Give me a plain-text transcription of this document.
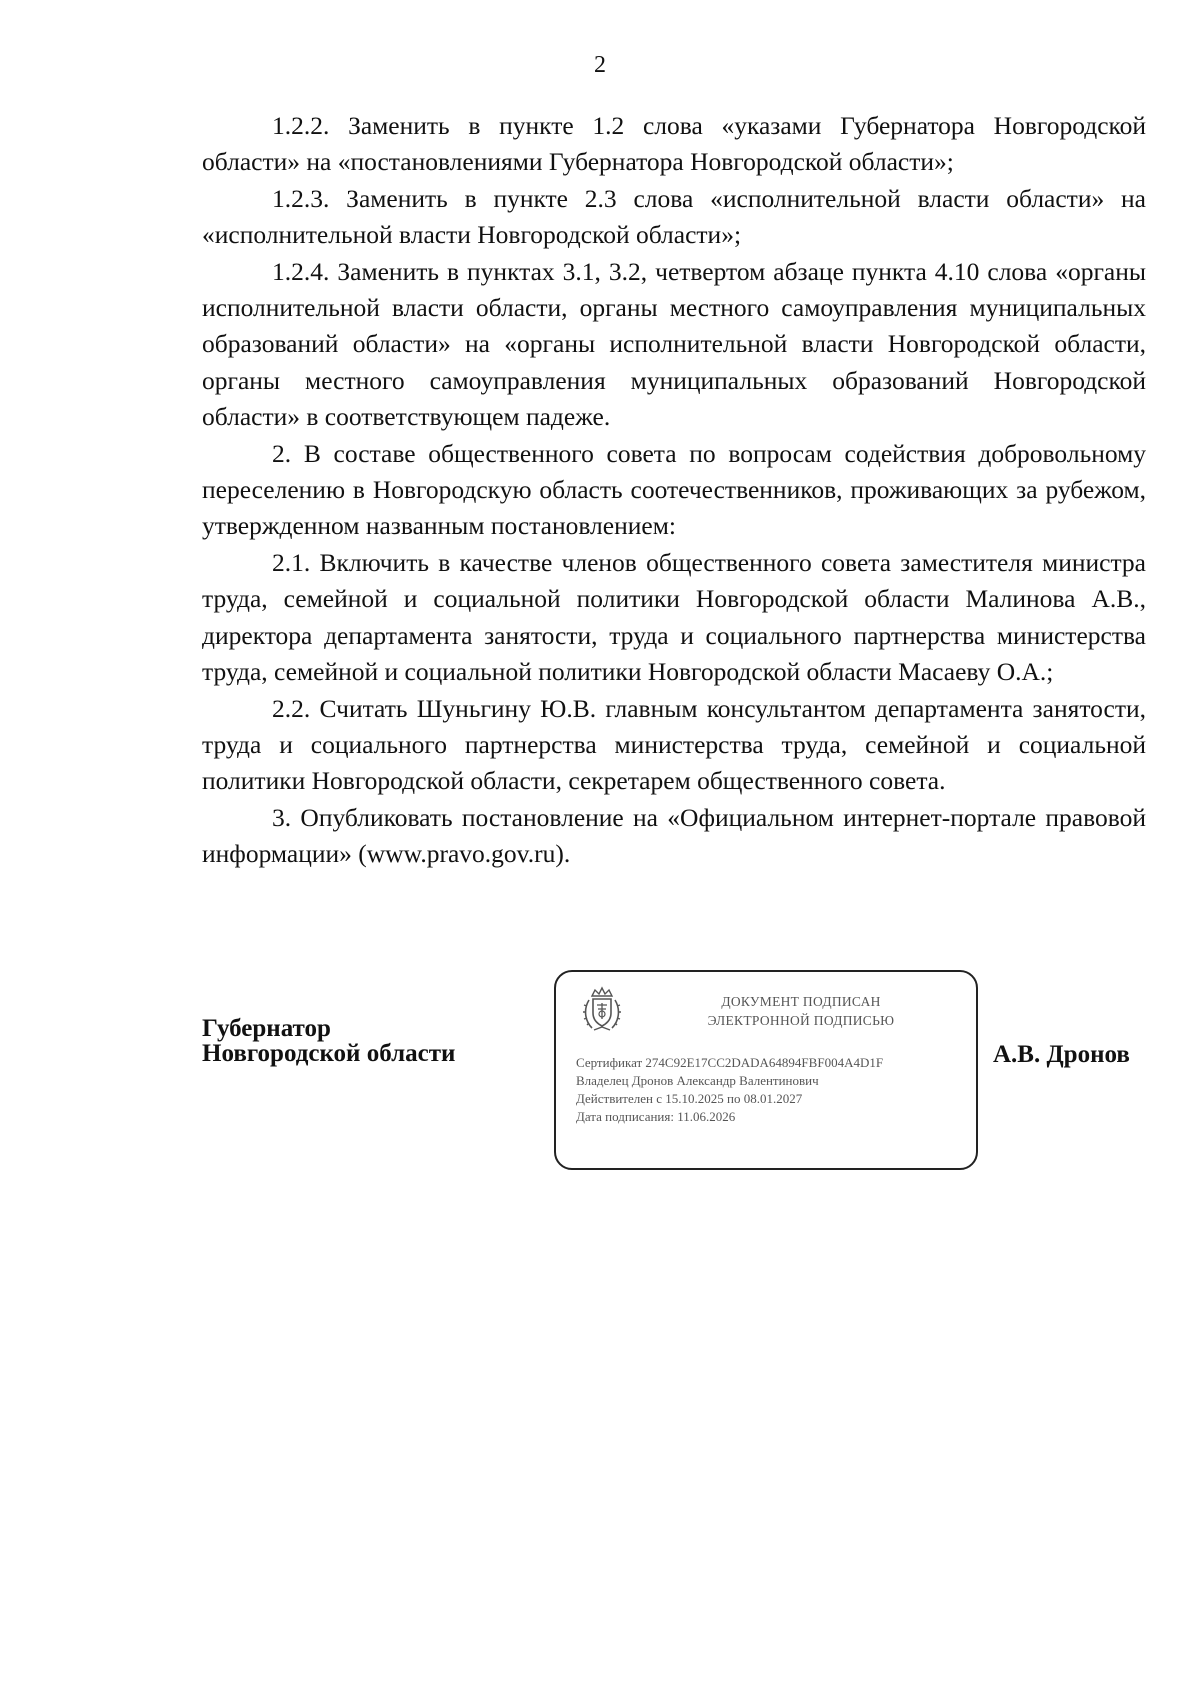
2

1.2.2. Заменить в пункте 1.2 слова «указами Губернатора Новгородской области» на «постановлениями Губернатора Новгородской области»;

1.2.3. Заменить в пункте 2.3 слова «исполнительной власти области» на «исполнительной власти Новгородской области»;

1.2.4. Заменить в пунктах 3.1, 3.2, четвертом абзаце пункта 4.10 слова «органы исполнительной власти области, органы местного самоуправления муниципальных образований области» на «органы исполнительной власти Новгородской области, органы местного самоуправления муниципальных образований Новгородской области» в соответствующем падеже.

2. В составе общественного совета по вопросам содействия добровольному переселению в Новгородскую область соотечественников, проживающих за рубежом, утвержденном названным постановлением:

2.1. Включить в качестве членов общественного совета заместителя министра труда, семейной и социальной политики Новгородской области Малинова А.В., директора департамента занятости, труда и социального партнерства министерства труда, семейной и социальной политики Новгородской области Масаеву О.А.;

2.2. Считать Шуньгину Ю.В. главным консультантом департамента занятости, труда и социального партнерства министерства труда, семейной и социальной политики Новгородской области, секретарем общественного совета.

3. Опубликовать постановление на «Официальном интернет-портале правовой информации» (www.pravo.gov.ru).

Губернатор
Новгородской области
ДОКУМЕНТ ПОДПИСАН
ЭЛЕКТРОННОЙ ПОДПИСЬЮ
Сертификат 274C92E17CC2DADA64894FBF004A4D1F
Владелец Дронов Александр Валентинович
Действителен с 15.10.2025 по 08.01.2027
Дата подписания: 11.06.2026
А.В. Дронов
